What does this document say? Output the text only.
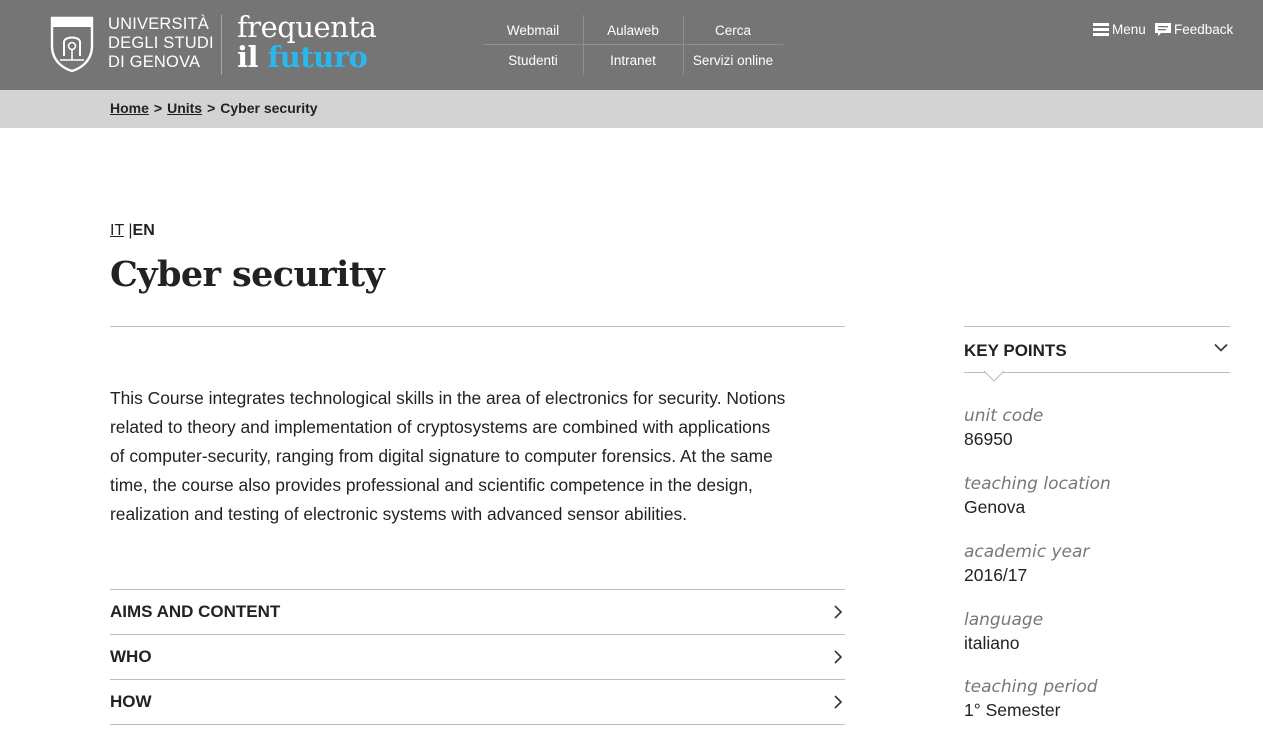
UNIVERSITÀ
DEGLI STUDI
DI GENOVA
frequenta
il futuro
Webmail	Aulaweb	Cerca
Studenti	Intranet	Servizi online
Menu Feedback
Home > Units > Cyber security
IT |EN
Cyber security
This Course integrates technological skills in the area of electronics for security. Notions
related to theory and implementation of cryptosystems are combined with applications
of computer-security, ranging from digital signature to computer forensics. At the same
time, the course also provides professional and scientific competence in the design,
realization and testing of electronic systems with advanced sensor abilities.
AIMS AND CONTENT
WHO
HOW
KEY POINTS
unit code
86950
teaching location
Genova
academic year
2016/17
language
italiano
teaching period
1° Semester
